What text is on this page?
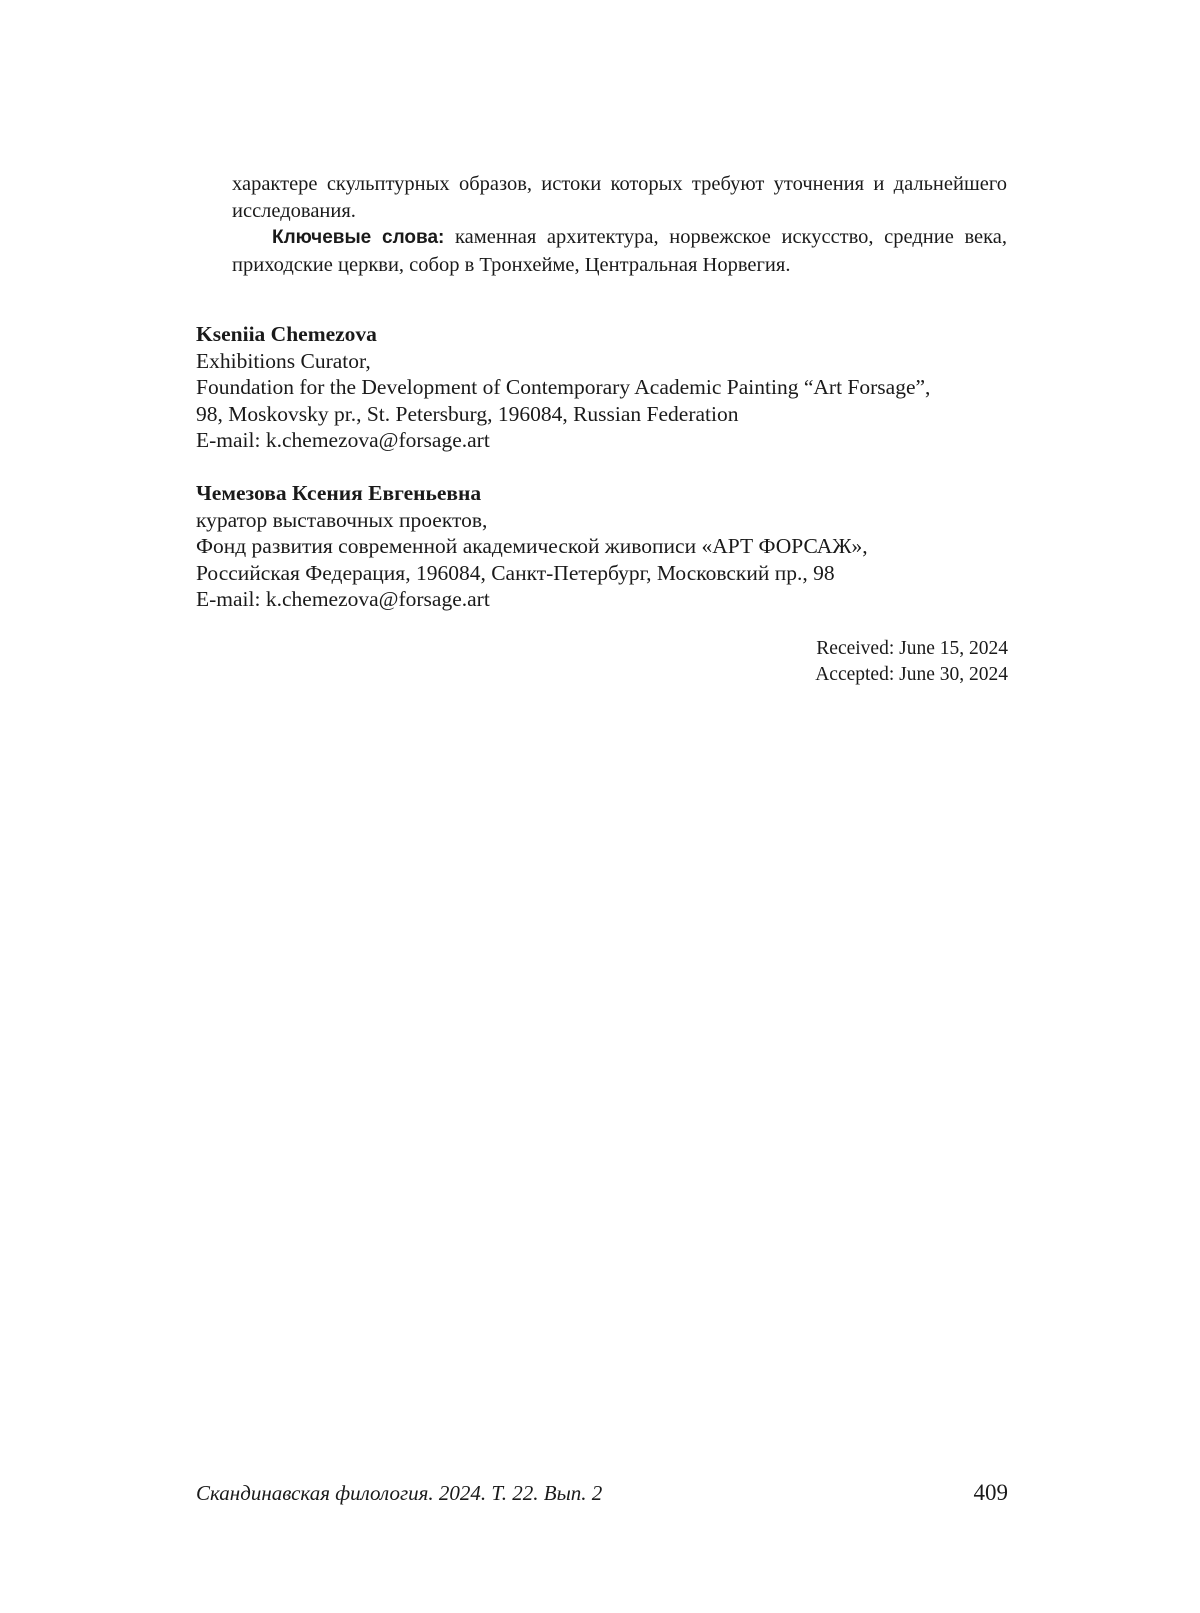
характере скульптурных образов, истоки которых требуют уточнения и дальнейшего исследования.

Ключевые слова: каменная архитектура, норвежское искусство, средние века, приходские церкви, собор в Тронхейме, Центральная Норвегия.

Kseniia Chemezova
Exhibitions Curator,
Foundation for the Development of Contemporary Academic Painting “Art Forsage”,
98, Moskovsky pr., St. Petersburg, 196084, Russian Federation
E-mail: k.chemezova@forsage.art
Чемезова Ксения Евгеньевна
куратор выставочных проектов,
Фонд развития современной академической живописи «АРТ ФОРСАЖ»,
Российская Федерация, 196084, Санкт-Петербург, Московский пр., 98
E-mail: k.chemezova@forsage.art
Received: June 15, 2024
Accepted: June 30, 2024
Скандинавская филология. 2024. Т. 22. Вып. 2	409
